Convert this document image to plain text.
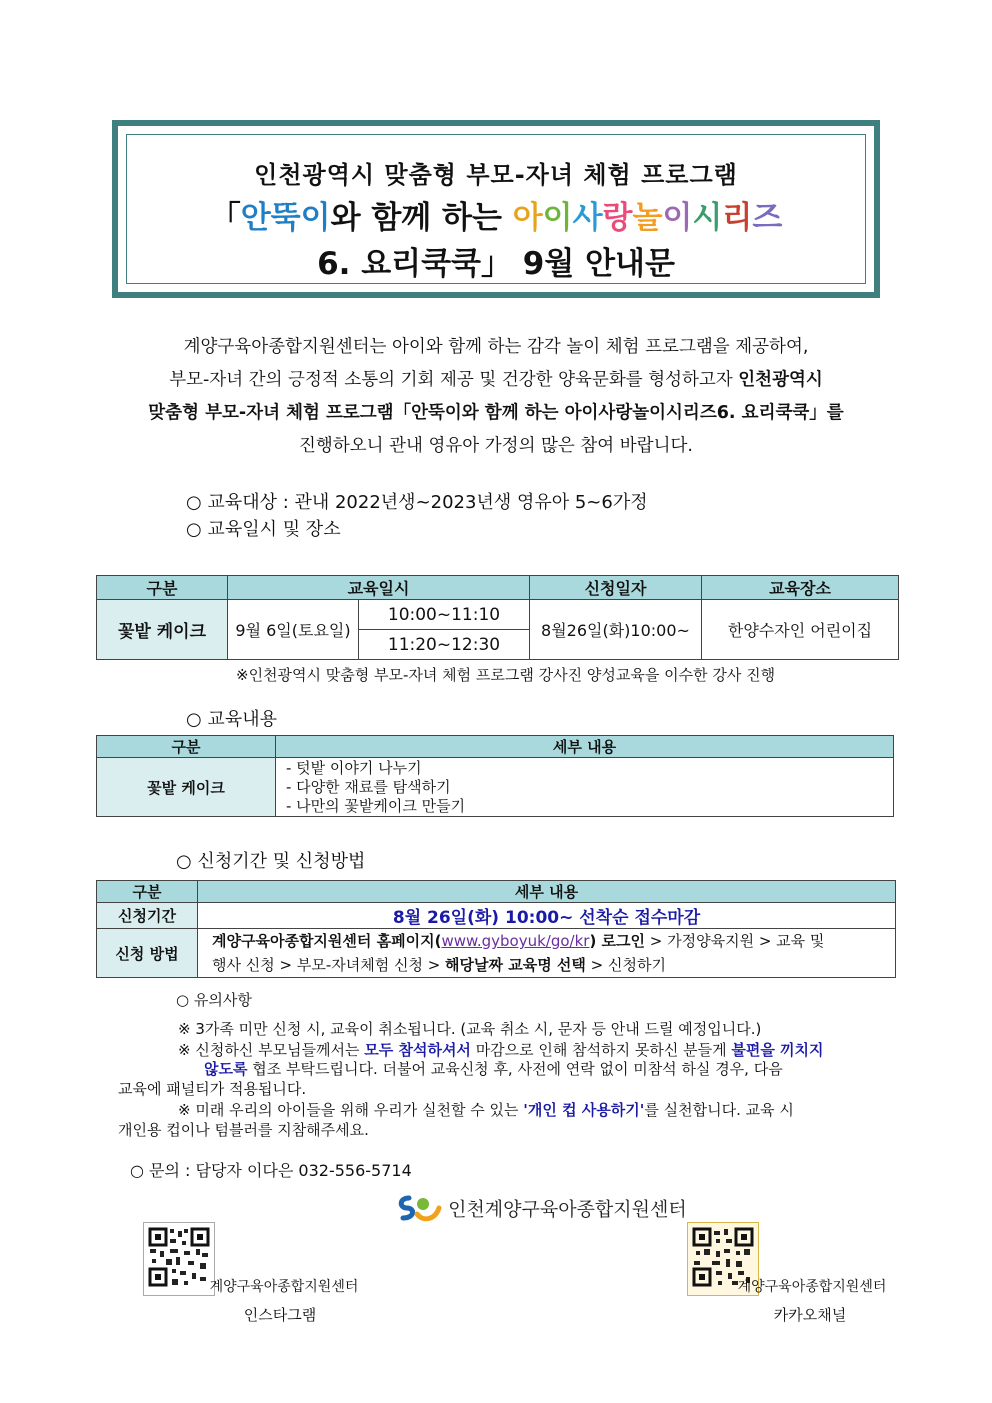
인천광역시 맞춤형 부모-자녀 체험 프로그램
「안뚝이와 함께 하는 아이사랑놀이시리즈
6. 요리쿡쿡」 9월 안내문
계양구육아종합지원센터는 아이와 함께 하는 감각 놀이 체험 프로그램을 제공하여,
부모-자녀 간의 긍정적 소통의 기회 제공 및 건강한 양육문화를 형성하고자 인천광역시
맞춤형 부모-자녀 체험 프로그램「안뚝이와 함께 하는 아이사랑놀이시리즈6. 요리쿡쿡」를
진행하오니 관내 영유아 가정의 많은 참여 바랍니다.
○ 교육대상 : 관내 2022년생~2023년생 영유아 5~6가정
○ 교육일시 및 장소
구분	교육일시		신청일자	교육장소
꽃밭 케이크	9월 6일(토요일)	10:00~11:10	8월26일(화)10:00~	한양수자인 어린이집
		11:20~12:30		
※인천광역시 맞춤형 부모-자녀 체험 프로그램 강사진 양성교육을 이수한 강사 진행
○ 교육내용
구분	세부 내용
꽃밭 케이크	- 텃밭 이야기 나누기
- 다양한 재료를 탐색하기
- 나만의 꽃밭케이크 만들기
○ 신청기간 및 신청방법
구분	세부 내용
신청기간	8월 26일(화) 10:00~ 선착순 접수마감
신청 방법	계양구육아종합지원센터 홈페이지(www.gyboyuk/go/kr) 로그인 > 가정양육지원 > 교육 및
행사 신청 > 부모-자녀체험 신청 > 해당날짜 교육명 선택 > 신청하기
○ 유의사항
※ 3가족 미만 신청 시, 교육이 취소됩니다. (교육 취소 시, 문자 등 안내 드릴 예정입니다.)
※ 신청하신 부모님들께서는 모두 참석하셔서 마감으로 인해 참석하지 못하신 분들게 불편을 끼치지
않도록 협조 부탁드립니다. 더불어 교육신청 후, 사전에 연락 없이 미참석 하실 경우, 다음
교육에 패널티가 적용됩니다.
※ 미래 우리의 아이들을 위해 우리가 실천할 수 있는 '개인 컵 사용하기'를 실천합니다. 교육 시
개인용 컵이나 텀블러를 지참해주세요.
○ 문의 : 담당자 이다은 032-556-5714
인천계양구육아종합지원센터
계양구육아종합지원센터
인스타그램
계양구육아종합지원센터
카카오채널
